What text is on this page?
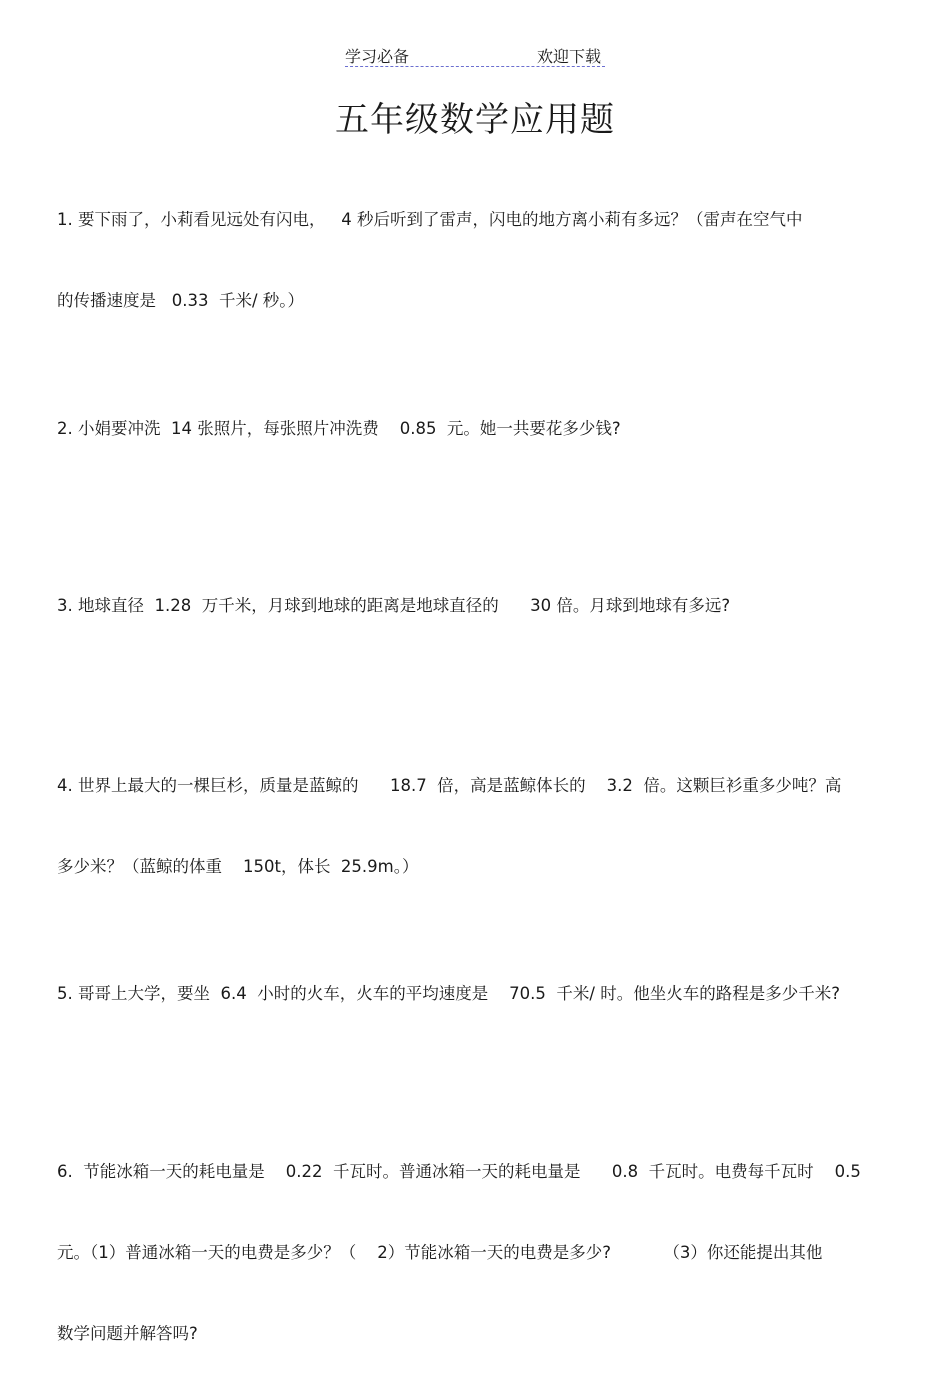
学习必备	欢迎下载
五年级数学应用题

1. 要下雨了，小莉看见远处有闪电，   4 秒后听到了雷声，闪电的地方离小莉有多远？（雷声在空气中

的传播速度是   0.33  千米/ 秒。）

2. 小娟要冲洗  14 张照片，每张照片冲洗费    0.85  元。她一共要花多少钱?

3. 地球直径  1.28  万千米，月球到地球的距离是地球直径的      30 倍。月球到地球有多远?

4. 世界上最大的一棵巨杉，质量是蓝鲸的      18.7  倍，高是蓝鲸体长的    3.2  倍。这颗巨衫重多少吨？高

多少米？（蓝鲸的体重    150t，体长  25.9m。）

5. 哥哥上大学，要坐  6.4  小时的火车，火车的平均速度是    70.5  千米/ 时。他坐火车的路程是多少千米?

6.  节能冰箱一天的耗电量是    0.22  千瓦时。普通冰箱一天的耗电量是      0.8  千瓦时。电费每千瓦时    0.5

元。（1）普通冰箱一天的电费是多少？（    2）节能冰箱一天的电费是多少?          （3）你还能提出其他

数学问题并解答吗?
